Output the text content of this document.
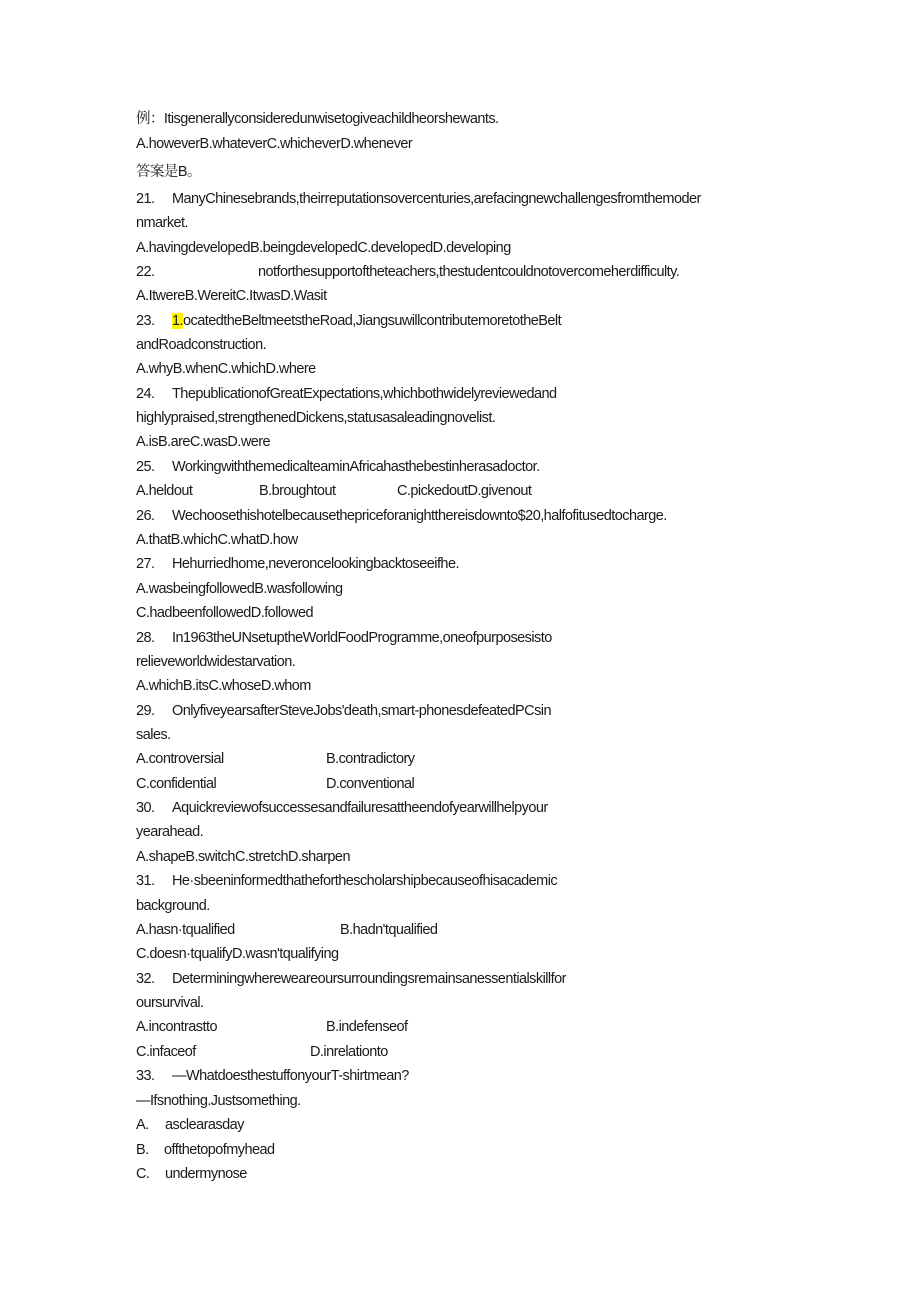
例：Itisgenerallyconsideredunwisetogiveachildheorshewants.
A.howeverB.whateverC.whicheverD.whenever
答案是B。
21. ManyChinesebrands,theirreputationsovercenturies,arefacingnewchallengesfromthemoder
nmarket.
A.havingdevelopedB.beingdevelopedC.developedD.developing
22.	notforthesupportoftheteachers,thestudentcouldnotovercomeherdifficulty.
A.ItwereB.WereitC.ItwasD.Wasit
23. 1.ocatedtheBeltmeetstheRoad,JiangsuwillcontributemoretotheBelt
andRoadconstruction.
A.whyB.whenC.whichD.where
24. ThepublicationofGreatExpectations,whichbothwidelyreviewedand
highlypraised,strengthenedDickens,statusasaleadingnovelist.
A.isB.areC.wasD.were
25. WorkingwiththemedicalteaminAfricahasthebestinherasadoctor.
A.heldout	B.broughtout	C.pickedoutD.givenout
26. Wechoosethishotelbecausethepriceforanightthereisdownto$20,halfofitusedtocharge.
A.thatB.whichC.whatD.how
27. Hehurriedhome,neveroncelookingbacktoseeifhe.
A.wasbeingfollowedB.wasfollowing
C.hadbeenfollowedD.followed
28. In1963theUNsetuptheWorldFoodProgramme,oneofpurposesisto
relieveworldwidestarvation.
A.whichB.itsC.whoseD.whom
29. OnlyfiveyearsafterSteveJobs'death,smart-phonesdefeatedPCsin
sales.
A.controversial	B.contradictory
C.confidential	D.conventional
30. Aquickreviewofsuccessesandfailuresattheendofyearwillhelpyour
yearahead.
A.shapeB.switchC.stretchD.sharpen
31. He·sbeeninformedthatheforthescholarshipbecauseofhisacademic
background.
A.hasn·tqualified	B.hadn'tqualified
C.doesn·tqualifyD.wasn'tqualifying
32. Determiningwhereweareoursurroundingsremainsanessentialskillfor
oursurvival.
A.incontrastto	B.indefenseof
C.infaceof	D.inrelationto
33. —WhatdoesthestuffonyourT-shirtmean?
—Ifsnothing.Justsomething.
A. asclearasday
B. offthetopofmyhead
C. undermynose
